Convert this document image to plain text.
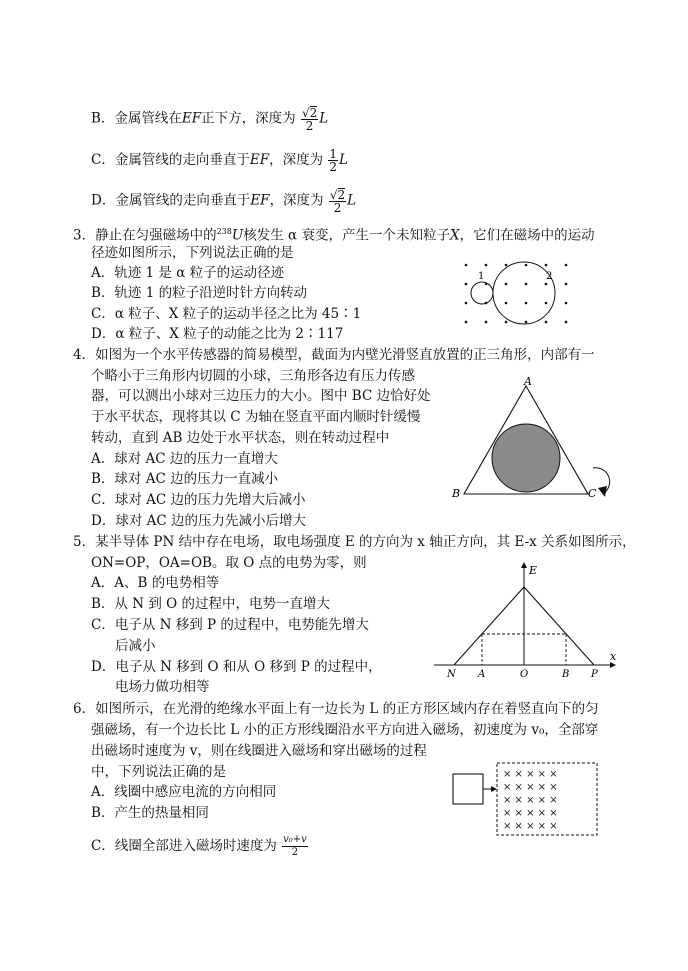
B．金属管线在EF正下方，深度为 $\frac{√2}{2}$ L
C．金属管线的走向垂直于EF，深度为 $\frac{1}{2}$ L
D．金属管线的走向垂直于EF，深度为 $\frac{√2}{2}$ L
3．静止在匀强磁场中的$^{238}$U核发生 α 衰变，产生一个未知粒子X，它们在磁场中的运动
径迹如图所示，下列说法正确的是
A．轨迹 1 是 α 粒子的运动径迹
B．轨迹 1 的粒子沿逆时针方向转动
C．α 粒子、X 粒子的运动半径之比为 45∶1
D．α 粒子、X 粒子的动能之比为 2∶117
1	2
4．如图为一个水平传感器的简易模型，截面为内壁光滑竖直放置的正三角形，内部有一
个略小于三角形内切圆的小球，三角形各边有压力传感
器，可以测出小球对三边压力的大小。图中 BC 边恰好处
于水平状态，现将其以 C 为轴在竖直平面内顺时针缓慢
转动，直到 AB 边处于水平状态，则在转动过程中
A．球对 AC 边的压力一直增大
B．球对 AC 边的压力一直减小
C．球对 AC 边的压力先增大后减小
D．球对 AC 边的压力先减小后增大
A
B	C
5．某半导体 PN 结中存在电场，取电场强度 E 的方向为 x 轴正方向，其 E-x 关系如图所示，
ON=OP，OA=OB。取 O 点的电势为零，则
A．A、B 的电势相等
B．从 N 到 O 的过程中，电势一直增大
C．电子从 N 移到 P 的过程中，电势能先增大
后减小
D．电子从 N 移到 O 和从 O 移到 P 的过程中，
电场力做功相等
E
x
N A	O	B P
6．如图所示，在光滑的绝缘水平面上有一边长为 L 的正方形区域内存在着竖直向下的匀
强磁场，有一个边长比 L 小的正方形线圈沿水平方向进入磁场，初速度为 v₀，全部穿
出磁场时速度为 v，则在线圈进入磁场和穿出磁场的过程
中，下列说法正确的是
A．线圈中感应电流的方向相同
B．产生的热量相同
C．线圈全部进入磁场时速度为 $\frac{\text{v₀+v}}{2}$
× × × × ×
× × × × ×
× × × × ×
× × × × ×
× × × × ×
